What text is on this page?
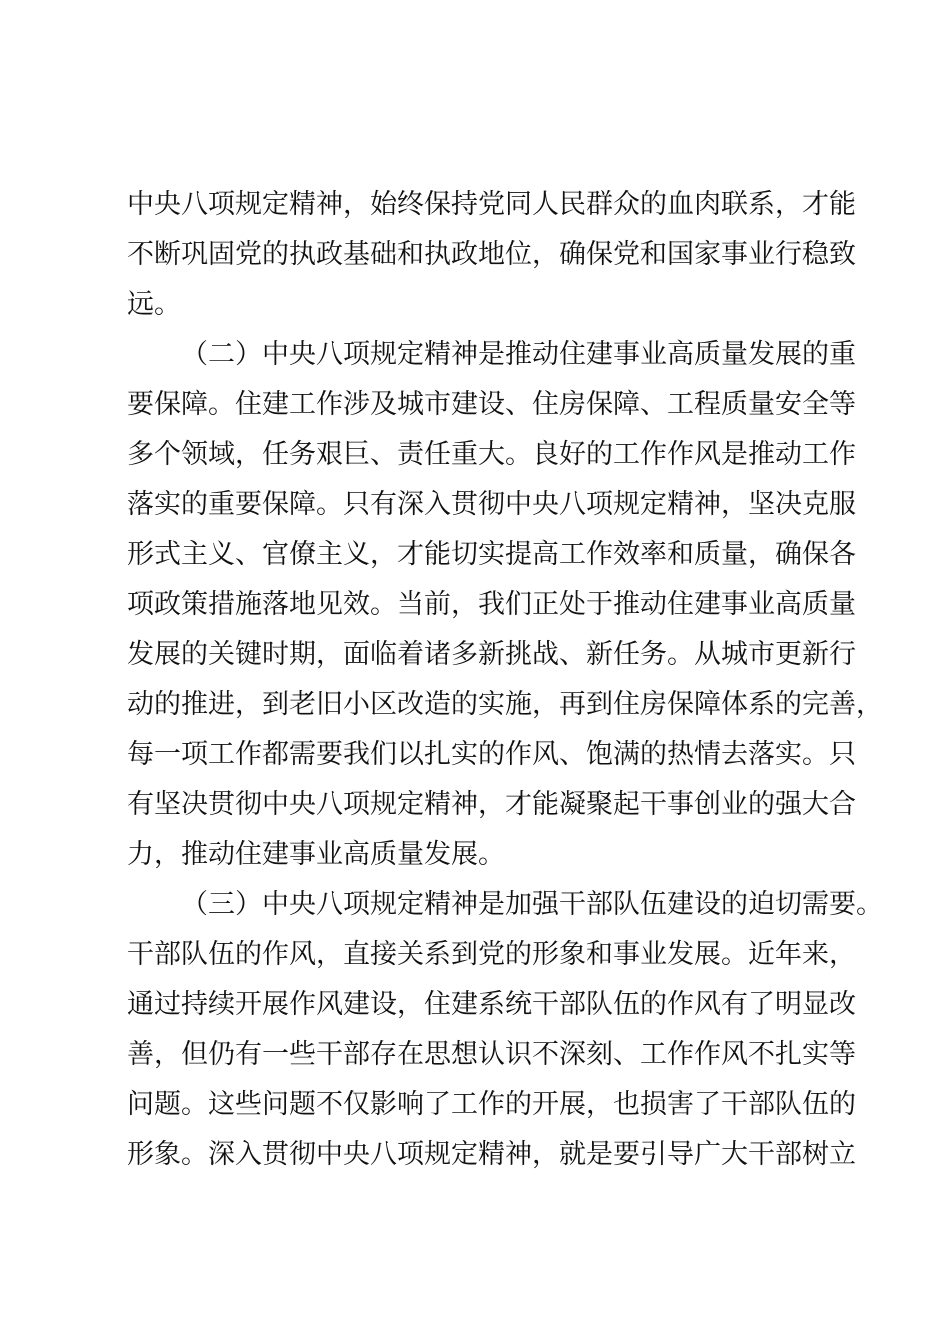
中央八项规定精神，始终保持党同人民群众的血肉联系，才能
不断巩固党的执政基础和执政地位，确保党和国家事业行稳致
远。
（二）中央八项规定精神是推动住建事业高质量发展的重
要保障。住建工作涉及城市建设、住房保障、工程质量安全等
多个领域，任务艰巨、责任重大。良好的工作作风是推动工作
落实的重要保障。只有深入贯彻中央八项规定精神，坚决克服
形式主义、官僚主义，才能切实提高工作效率和质量，确保各
项政策措施落地见效。当前，我们正处于推动住建事业高质量
发展的关键时期，面临着诸多新挑战、新任务。从城市更新行
动的推进，到老旧小区改造的实施，再到住房保障体系的完善，
每一项工作都需要我们以扎实的作风、饱满的热情去落实。只
有坚决贯彻中央八项规定精神，才能凝聚起干事创业的强大合
力，推动住建事业高质量发展。
（三）中央八项规定精神是加强干部队伍建设的迫切需要。
干部队伍的作风，直接关系到党的形象和事业发展。近年来，
通过持续开展作风建设，住建系统干部队伍的作风有了明显改
善，但仍有一些干部存在思想认识不深刻、工作作风不扎实等
问题。这些问题不仅影响了工作的开展，也损害了干部队伍的
形象。深入贯彻中央八项规定精神，就是要引导广大干部树立
